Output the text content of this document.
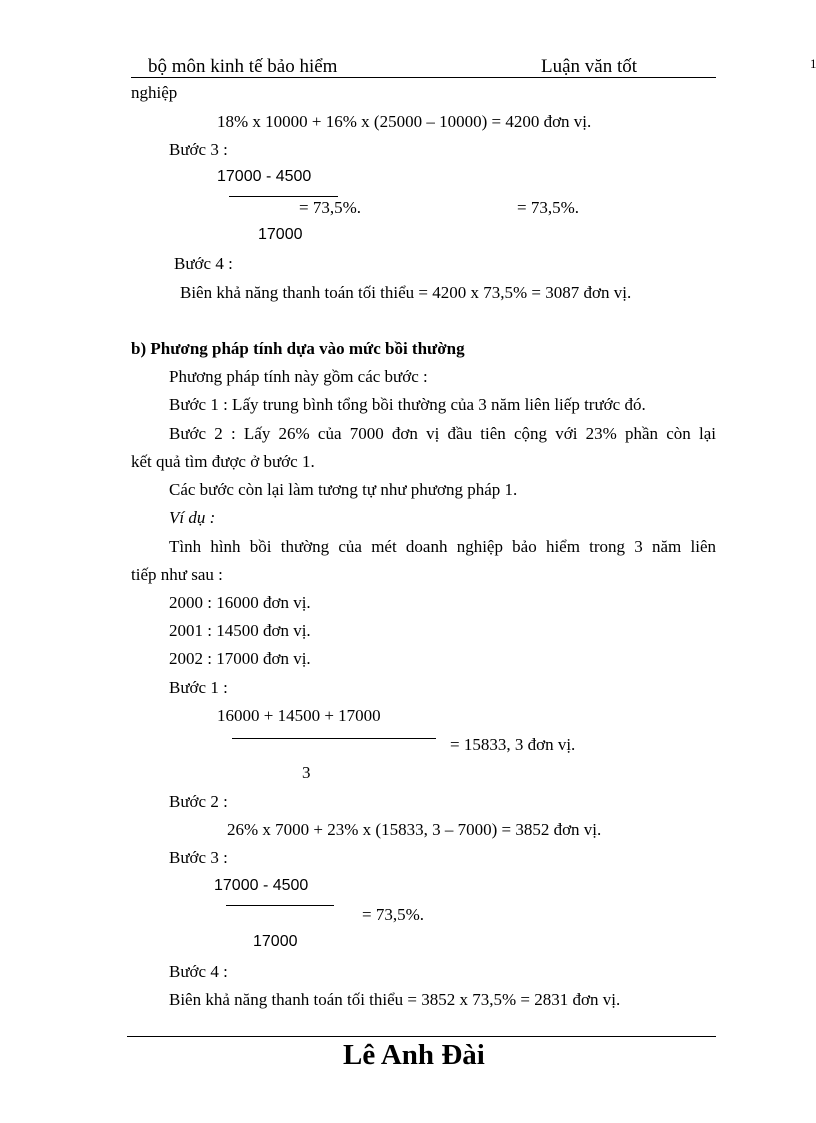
bộ môn kinh tế bảo hiểm	Luận văn tốt	1
nghiệp
18% x 10000 + 16% x (25000 – 10000) = 4200 đơn vị.
Bước 3 :
17000 - 4500
= 73,5%.	= 73,5%.
17000
Bước 4 :
Biên khả năng thanh toán tối thiểu = 4200 x 73,5% = 3087 đơn vị.
b) Phương pháp tính dựa vào mức bồi thường
Phương pháp tính này gồm các bước :
Bước 1 : Lấy trung bình tổng bồi thường của 3 năm liên liếp trước đó.
Bước 2 : Lấy 26% của 7000 đơn vị đầu tiên cộng với 23% phần còn lại
kết quả tìm được ở bước 1.
Các bước còn lại làm tương tự như phương pháp 1.
Ví dụ :
Tình hình bồi thường của mét doanh nghiệp bảo hiểm trong 3 năm liên
tiếp như sau :
2000 : 16000 đơn vị.
2001 : 14500 đơn vị.
2002 : 17000 đơn vị.
Bước 1 :
16000 + 14500 + 17000
= 15833, 3 đơn vị.
3
Bước 2 :
26% x 7000 + 23% x (15833, 3 – 7000) = 3852 đơn vị.
Bước 3 :
17000 - 4500
= 73,5%.
17000
Bước 4 :
Biên khả năng thanh toán tối thiểu = 3852 x 73,5% = 2831 đơn vị.
Lê Anh Đài
